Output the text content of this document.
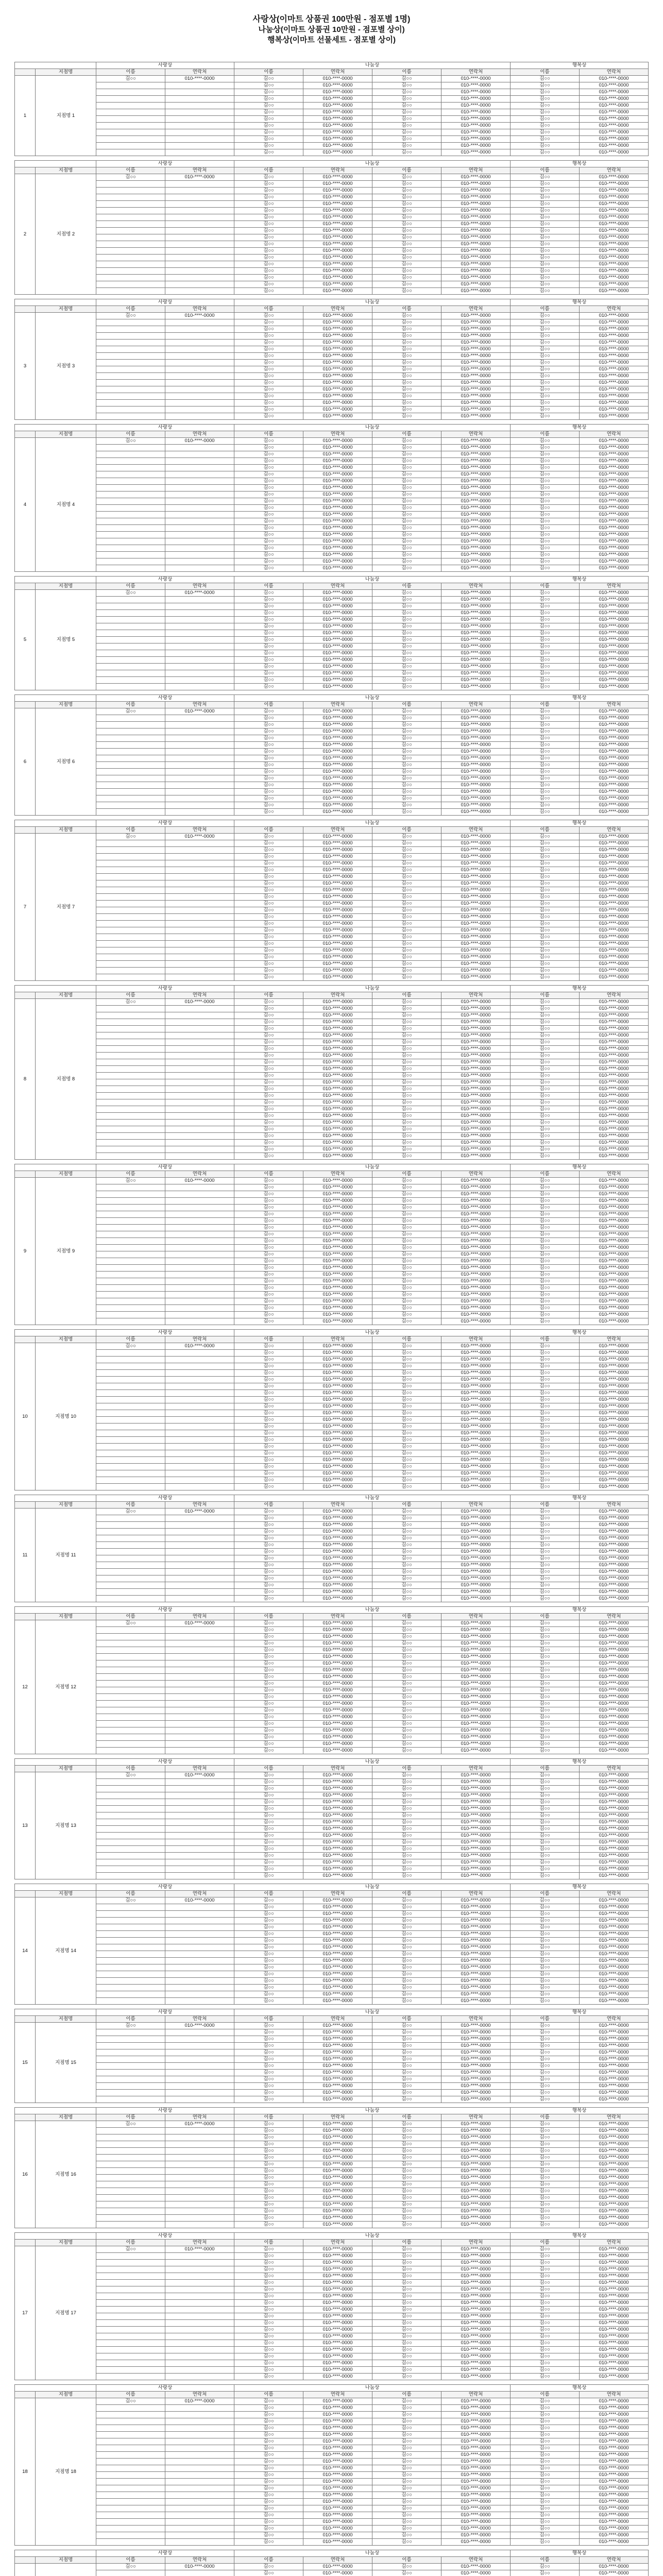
사랑상(이마트 상품권 100만원 - 점포별 1명)
나눔상(이마트 상품권 10만원 - 점포별 상이)
행복상(이마트 선물세트 - 점포별 상이)
		사랑상		나눔상				행복상	
	지점명	이름	연락처	이름	연락처	이름	연락처	이름	연락처
1	지점명 1	김○○	010-****-0000	김○○	010-****-0000	김○○	010-****-0000	김○○	010-****-0000
				김○○	010-****-0000	김○○	010-****-0000	김○○	010-****-0000
				김○○	010-****-0000	김○○	010-****-0000	김○○	010-****-0000
				김○○	010-****-0000	김○○	010-****-0000	김○○	010-****-0000
				김○○	010-****-0000	김○○	010-****-0000	김○○	010-****-0000
				김○○	010-****-0000	김○○	010-****-0000	김○○	010-****-0000
				김○○	010-****-0000	김○○	010-****-0000	김○○	010-****-0000
				김○○	010-****-0000	김○○	010-****-0000	김○○	010-****-0000
				김○○	010-****-0000	김○○	010-****-0000	김○○	010-****-0000
				김○○	010-****-0000	김○○	010-****-0000	김○○	010-****-0000
				김○○	010-****-0000	김○○	010-****-0000	김○○	010-****-0000
				김○○	010-****-0000	김○○	010-****-0000	김○○	010-****-0000
		사랑상		나눔상				행복상	
	지점명	이름	연락처	이름	연락처	이름	연락처	이름	연락처
2	지점명 2	김○○	010-****-0000	김○○	010-****-0000	김○○	010-****-0000	김○○	010-****-0000
				김○○	010-****-0000	김○○	010-****-0000	김○○	010-****-0000
				김○○	010-****-0000	김○○	010-****-0000	김○○	010-****-0000
				김○○	010-****-0000	김○○	010-****-0000	김○○	010-****-0000
				김○○	010-****-0000	김○○	010-****-0000	김○○	010-****-0000
				김○○	010-****-0000	김○○	010-****-0000	김○○	010-****-0000
				김○○	010-****-0000	김○○	010-****-0000	김○○	010-****-0000
				김○○	010-****-0000	김○○	010-****-0000	김○○	010-****-0000
				김○○	010-****-0000	김○○	010-****-0000	김○○	010-****-0000
				김○○	010-****-0000	김○○	010-****-0000	김○○	010-****-0000
				김○○	010-****-0000	김○○	010-****-0000	김○○	010-****-0000
				김○○	010-****-0000	김○○	010-****-0000	김○○	010-****-0000
				김○○	010-****-0000	김○○	010-****-0000	김○○	010-****-0000
				김○○	010-****-0000	김○○	010-****-0000	김○○	010-****-0000
				김○○	010-****-0000	김○○	010-****-0000	김○○	010-****-0000
				김○○	010-****-0000	김○○	010-****-0000	김○○	010-****-0000
				김○○	010-****-0000	김○○	010-****-0000	김○○	010-****-0000
				김○○	010-****-0000	김○○	010-****-0000	김○○	010-****-0000
		사랑상		나눔상				행복상	
	지점명	이름	연락처	이름	연락처	이름	연락처	이름	연락처
3	지점명 3	김○○	010-****-0000	김○○	010-****-0000	김○○	010-****-0000	김○○	010-****-0000
				김○○	010-****-0000	김○○	010-****-0000	김○○	010-****-0000
				김○○	010-****-0000	김○○	010-****-0000	김○○	010-****-0000
				김○○	010-****-0000	김○○	010-****-0000	김○○	010-****-0000
				김○○	010-****-0000	김○○	010-****-0000	김○○	010-****-0000
				김○○	010-****-0000	김○○	010-****-0000	김○○	010-****-0000
				김○○	010-****-0000	김○○	010-****-0000	김○○	010-****-0000
				김○○	010-****-0000	김○○	010-****-0000	김○○	010-****-0000
				김○○	010-****-0000	김○○	010-****-0000	김○○	010-****-0000
				김○○	010-****-0000	김○○	010-****-0000	김○○	010-****-0000
				김○○	010-****-0000	김○○	010-****-0000	김○○	010-****-0000
				김○○	010-****-0000	김○○	010-****-0000	김○○	010-****-0000
				김○○	010-****-0000	김○○	010-****-0000	김○○	010-****-0000
				김○○	010-****-0000	김○○	010-****-0000	김○○	010-****-0000
				김○○	010-****-0000	김○○	010-****-0000	김○○	010-****-0000
				김○○	010-****-0000	김○○	010-****-0000	김○○	010-****-0000
		사랑상		나눔상				행복상	
	지점명	이름	연락처	이름	연락처	이름	연락처	이름	연락처
4	지점명 4	김○○	010-****-0000	김○○	010-****-0000	김○○	010-****-0000	김○○	010-****-0000
				김○○	010-****-0000	김○○	010-****-0000	김○○	010-****-0000
				김○○	010-****-0000	김○○	010-****-0000	김○○	010-****-0000
				김○○	010-****-0000	김○○	010-****-0000	김○○	010-****-0000
				김○○	010-****-0000	김○○	010-****-0000	김○○	010-****-0000
				김○○	010-****-0000	김○○	010-****-0000	김○○	010-****-0000
				김○○	010-****-0000	김○○	010-****-0000	김○○	010-****-0000
				김○○	010-****-0000	김○○	010-****-0000	김○○	010-****-0000
				김○○	010-****-0000	김○○	010-****-0000	김○○	010-****-0000
				김○○	010-****-0000	김○○	010-****-0000	김○○	010-****-0000
				김○○	010-****-0000	김○○	010-****-0000	김○○	010-****-0000
				김○○	010-****-0000	김○○	010-****-0000	김○○	010-****-0000
				김○○	010-****-0000	김○○	010-****-0000	김○○	010-****-0000
				김○○	010-****-0000	김○○	010-****-0000	김○○	010-****-0000
				김○○	010-****-0000	김○○	010-****-0000	김○○	010-****-0000
				김○○	010-****-0000	김○○	010-****-0000	김○○	010-****-0000
				김○○	010-****-0000	김○○	010-****-0000	김○○	010-****-0000
				김○○	010-****-0000	김○○	010-****-0000	김○○	010-****-0000
				김○○	010-****-0000	김○○	010-****-0000	김○○	010-****-0000
				김○○	010-****-0000	김○○	010-****-0000	김○○	010-****-0000
		사랑상		나눔상				행복상	
	지점명	이름	연락처	이름	연락처	이름	연락처	이름	연락처
5	지점명 5	김○○	010-****-0000	김○○	010-****-0000	김○○	010-****-0000	김○○	010-****-0000
				김○○	010-****-0000	김○○	010-****-0000	김○○	010-****-0000
				김○○	010-****-0000	김○○	010-****-0000	김○○	010-****-0000
				김○○	010-****-0000	김○○	010-****-0000	김○○	010-****-0000
				김○○	010-****-0000	김○○	010-****-0000	김○○	010-****-0000
				김○○	010-****-0000	김○○	010-****-0000	김○○	010-****-0000
				김○○	010-****-0000	김○○	010-****-0000	김○○	010-****-0000
				김○○	010-****-0000	김○○	010-****-0000	김○○	010-****-0000
				김○○	010-****-0000	김○○	010-****-0000	김○○	010-****-0000
				김○○	010-****-0000	김○○	010-****-0000	김○○	010-****-0000
				김○○	010-****-0000	김○○	010-****-0000	김○○	010-****-0000
				김○○	010-****-0000	김○○	010-****-0000	김○○	010-****-0000
				김○○	010-****-0000	김○○	010-****-0000	김○○	010-****-0000
				김○○	010-****-0000	김○○	010-****-0000	김○○	010-****-0000
				김○○	010-****-0000	김○○	010-****-0000	김○○	010-****-0000
		사랑상		나눔상				행복상	
	지점명	이름	연락처	이름	연락처	이름	연락처	이름	연락처
6	지점명 6	김○○	010-****-0000	김○○	010-****-0000	김○○	010-****-0000	김○○	010-****-0000
				김○○	010-****-0000	김○○	010-****-0000	김○○	010-****-0000
				김○○	010-****-0000	김○○	010-****-0000	김○○	010-****-0000
				김○○	010-****-0000	김○○	010-****-0000	김○○	010-****-0000
				김○○	010-****-0000	김○○	010-****-0000	김○○	010-****-0000
				김○○	010-****-0000	김○○	010-****-0000	김○○	010-****-0000
				김○○	010-****-0000	김○○	010-****-0000	김○○	010-****-0000
				김○○	010-****-0000	김○○	010-****-0000	김○○	010-****-0000
				김○○	010-****-0000	김○○	010-****-0000	김○○	010-****-0000
				김○○	010-****-0000	김○○	010-****-0000	김○○	010-****-0000
				김○○	010-****-0000	김○○	010-****-0000	김○○	010-****-0000
				김○○	010-****-0000	김○○	010-****-0000	김○○	010-****-0000
				김○○	010-****-0000	김○○	010-****-0000	김○○	010-****-0000
				김○○	010-****-0000	김○○	010-****-0000	김○○	010-****-0000
				김○○	010-****-0000	김○○	010-****-0000	김○○	010-****-0000
				김○○	010-****-0000	김○○	010-****-0000	김○○	010-****-0000
		사랑상		나눔상				행복상	
	지점명	이름	연락처	이름	연락처	이름	연락처	이름	연락처
7	지점명 7	김○○	010-****-0000	김○○	010-****-0000	김○○	010-****-0000	김○○	010-****-0000
				김○○	010-****-0000	김○○	010-****-0000	김○○	010-****-0000
				김○○	010-****-0000	김○○	010-****-0000	김○○	010-****-0000
				김○○	010-****-0000	김○○	010-****-0000	김○○	010-****-0000
				김○○	010-****-0000	김○○	010-****-0000	김○○	010-****-0000
				김○○	010-****-0000	김○○	010-****-0000	김○○	010-****-0000
				김○○	010-****-0000	김○○	010-****-0000	김○○	010-****-0000
				김○○	010-****-0000	김○○	010-****-0000	김○○	010-****-0000
				김○○	010-****-0000	김○○	010-****-0000	김○○	010-****-0000
				김○○	010-****-0000	김○○	010-****-0000	김○○	010-****-0000
				김○○	010-****-0000	김○○	010-****-0000	김○○	010-****-0000
				김○○	010-****-0000	김○○	010-****-0000	김○○	010-****-0000
				김○○	010-****-0000	김○○	010-****-0000	김○○	010-****-0000
				김○○	010-****-0000	김○○	010-****-0000	김○○	010-****-0000
				김○○	010-****-0000	김○○	010-****-0000	김○○	010-****-0000
				김○○	010-****-0000	김○○	010-****-0000	김○○	010-****-0000
				김○○	010-****-0000	김○○	010-****-0000	김○○	010-****-0000
				김○○	010-****-0000	김○○	010-****-0000	김○○	010-****-0000
				김○○	010-****-0000	김○○	010-****-0000	김○○	010-****-0000
				김○○	010-****-0000	김○○	010-****-0000	김○○	010-****-0000
				김○○	010-****-0000	김○○	010-****-0000	김○○	010-****-0000
				김○○	010-****-0000	김○○	010-****-0000	김○○	010-****-0000
		사랑상		나눔상				행복상	
	지점명	이름	연락처	이름	연락처	이름	연락처	이름	연락처
8	지점명 8	김○○	010-****-0000	김○○	010-****-0000	김○○	010-****-0000	김○○	010-****-0000
				김○○	010-****-0000	김○○	010-****-0000	김○○	010-****-0000
				김○○	010-****-0000	김○○	010-****-0000	김○○	010-****-0000
				김○○	010-****-0000	김○○	010-****-0000	김○○	010-****-0000
				김○○	010-****-0000	김○○	010-****-0000	김○○	010-****-0000
				김○○	010-****-0000	김○○	010-****-0000	김○○	010-****-0000
				김○○	010-****-0000	김○○	010-****-0000	김○○	010-****-0000
				김○○	010-****-0000	김○○	010-****-0000	김○○	010-****-0000
				김○○	010-****-0000	김○○	010-****-0000	김○○	010-****-0000
				김○○	010-****-0000	김○○	010-****-0000	김○○	010-****-0000
				김○○	010-****-0000	김○○	010-****-0000	김○○	010-****-0000
				김○○	010-****-0000	김○○	010-****-0000	김○○	010-****-0000
				김○○	010-****-0000	김○○	010-****-0000	김○○	010-****-0000
				김○○	010-****-0000	김○○	010-****-0000	김○○	010-****-0000
				김○○	010-****-0000	김○○	010-****-0000	김○○	010-****-0000
				김○○	010-****-0000	김○○	010-****-0000	김○○	010-****-0000
				김○○	010-****-0000	김○○	010-****-0000	김○○	010-****-0000
				김○○	010-****-0000	김○○	010-****-0000	김○○	010-****-0000
				김○○	010-****-0000	김○○	010-****-0000	김○○	010-****-0000
				김○○	010-****-0000	김○○	010-****-0000	김○○	010-****-0000
				김○○	010-****-0000	김○○	010-****-0000	김○○	010-****-0000
				김○○	010-****-0000	김○○	010-****-0000	김○○	010-****-0000
				김○○	010-****-0000	김○○	010-****-0000	김○○	010-****-0000
				김○○	010-****-0000	김○○	010-****-0000	김○○	010-****-0000
		사랑상		나눔상				행복상	
	지점명	이름	연락처	이름	연락처	이름	연락처	이름	연락처
9	지점명 9	김○○	010-****-0000	김○○	010-****-0000	김○○	010-****-0000	김○○	010-****-0000
				김○○	010-****-0000	김○○	010-****-0000	김○○	010-****-0000
				김○○	010-****-0000	김○○	010-****-0000	김○○	010-****-0000
				김○○	010-****-0000	김○○	010-****-0000	김○○	010-****-0000
				김○○	010-****-0000	김○○	010-****-0000	김○○	010-****-0000
				김○○	010-****-0000	김○○	010-****-0000	김○○	010-****-0000
				김○○	010-****-0000	김○○	010-****-0000	김○○	010-****-0000
				김○○	010-****-0000	김○○	010-****-0000	김○○	010-****-0000
				김○○	010-****-0000	김○○	010-****-0000	김○○	010-****-0000
				김○○	010-****-0000	김○○	010-****-0000	김○○	010-****-0000
				김○○	010-****-0000	김○○	010-****-0000	김○○	010-****-0000
				김○○	010-****-0000	김○○	010-****-0000	김○○	010-****-0000
				김○○	010-****-0000	김○○	010-****-0000	김○○	010-****-0000
				김○○	010-****-0000	김○○	010-****-0000	김○○	010-****-0000
				김○○	010-****-0000	김○○	010-****-0000	김○○	010-****-0000
				김○○	010-****-0000	김○○	010-****-0000	김○○	010-****-0000
				김○○	010-****-0000	김○○	010-****-0000	김○○	010-****-0000
				김○○	010-****-0000	김○○	010-****-0000	김○○	010-****-0000
				김○○	010-****-0000	김○○	010-****-0000	김○○	010-****-0000
				김○○	010-****-0000	김○○	010-****-0000	김○○	010-****-0000
				김○○	010-****-0000	김○○	010-****-0000	김○○	010-****-0000
				김○○	010-****-0000	김○○	010-****-0000	김○○	010-****-0000
		사랑상		나눔상				행복상	
	지점명	이름	연락처	이름	연락처	이름	연락처	이름	연락처
10	지점명 10	김○○	010-****-0000	김○○	010-****-0000	김○○	010-****-0000	김○○	010-****-0000
				김○○	010-****-0000	김○○	010-****-0000	김○○	010-****-0000
				김○○	010-****-0000	김○○	010-****-0000	김○○	010-****-0000
				김○○	010-****-0000	김○○	010-****-0000	김○○	010-****-0000
				김○○	010-****-0000	김○○	010-****-0000	김○○	010-****-0000
				김○○	010-****-0000	김○○	010-****-0000	김○○	010-****-0000
				김○○	010-****-0000	김○○	010-****-0000	김○○	010-****-0000
				김○○	010-****-0000	김○○	010-****-0000	김○○	010-****-0000
				김○○	010-****-0000	김○○	010-****-0000	김○○	010-****-0000
				김○○	010-****-0000	김○○	010-****-0000	김○○	010-****-0000
				김○○	010-****-0000	김○○	010-****-0000	김○○	010-****-0000
				김○○	010-****-0000	김○○	010-****-0000	김○○	010-****-0000
				김○○	010-****-0000	김○○	010-****-0000	김○○	010-****-0000
				김○○	010-****-0000	김○○	010-****-0000	김○○	010-****-0000
				김○○	010-****-0000	김○○	010-****-0000	김○○	010-****-0000
				김○○	010-****-0000	김○○	010-****-0000	김○○	010-****-0000
				김○○	010-****-0000	김○○	010-****-0000	김○○	010-****-0000
				김○○	010-****-0000	김○○	010-****-0000	김○○	010-****-0000
				김○○	010-****-0000	김○○	010-****-0000	김○○	010-****-0000
				김○○	010-****-0000	김○○	010-****-0000	김○○	010-****-0000
				김○○	010-****-0000	김○○	010-****-0000	김○○	010-****-0000
				김○○	010-****-0000	김○○	010-****-0000	김○○	010-****-0000
		사랑상		나눔상				행복상	
	지점명	이름	연락처	이름	연락처	이름	연락처	이름	연락처
11	지점명 11	김○○	010-****-0000	김○○	010-****-0000	김○○	010-****-0000	김○○	010-****-0000
				김○○	010-****-0000	김○○	010-****-0000	김○○	010-****-0000
				김○○	010-****-0000	김○○	010-****-0000	김○○	010-****-0000
				김○○	010-****-0000	김○○	010-****-0000	김○○	010-****-0000
				김○○	010-****-0000	김○○	010-****-0000	김○○	010-****-0000
				김○○	010-****-0000	김○○	010-****-0000	김○○	010-****-0000
				김○○	010-****-0000	김○○	010-****-0000	김○○	010-****-0000
				김○○	010-****-0000	김○○	010-****-0000	김○○	010-****-0000
				김○○	010-****-0000	김○○	010-****-0000	김○○	010-****-0000
				김○○	010-****-0000	김○○	010-****-0000	김○○	010-****-0000
				김○○	010-****-0000	김○○	010-****-0000	김○○	010-****-0000
				김○○	010-****-0000	김○○	010-****-0000	김○○	010-****-0000
				김○○	010-****-0000	김○○	010-****-0000	김○○	010-****-0000
				김○○	010-****-0000	김○○	010-****-0000	김○○	010-****-0000
		사랑상		나눔상				행복상	
	지점명	이름	연락처	이름	연락처	이름	연락처	이름	연락처
12	지점명 12	김○○	010-****-0000	김○○	010-****-0000	김○○	010-****-0000	김○○	010-****-0000
				김○○	010-****-0000	김○○	010-****-0000	김○○	010-****-0000
				김○○	010-****-0000	김○○	010-****-0000	김○○	010-****-0000
				김○○	010-****-0000	김○○	010-****-0000	김○○	010-****-0000
				김○○	010-****-0000	김○○	010-****-0000	김○○	010-****-0000
				김○○	010-****-0000	김○○	010-****-0000	김○○	010-****-0000
				김○○	010-****-0000	김○○	010-****-0000	김○○	010-****-0000
				김○○	010-****-0000	김○○	010-****-0000	김○○	010-****-0000
				김○○	010-****-0000	김○○	010-****-0000	김○○	010-****-0000
				김○○	010-****-0000	김○○	010-****-0000	김○○	010-****-0000
				김○○	010-****-0000	김○○	010-****-0000	김○○	010-****-0000
				김○○	010-****-0000	김○○	010-****-0000	김○○	010-****-0000
				김○○	010-****-0000	김○○	010-****-0000	김○○	010-****-0000
				김○○	010-****-0000	김○○	010-****-0000	김○○	010-****-0000
				김○○	010-****-0000	김○○	010-****-0000	김○○	010-****-0000
				김○○	010-****-0000	김○○	010-****-0000	김○○	010-****-0000
				김○○	010-****-0000	김○○	010-****-0000	김○○	010-****-0000
				김○○	010-****-0000	김○○	010-****-0000	김○○	010-****-0000
				김○○	010-****-0000	김○○	010-****-0000	김○○	010-****-0000
				김○○	010-****-0000	김○○	010-****-0000	김○○	010-****-0000
		사랑상		나눔상				행복상	
	지점명	이름	연락처	이름	연락처	이름	연락처	이름	연락처
13	지점명 13	김○○	010-****-0000	김○○	010-****-0000	김○○	010-****-0000	김○○	010-****-0000
				김○○	010-****-0000	김○○	010-****-0000	김○○	010-****-0000
				김○○	010-****-0000	김○○	010-****-0000	김○○	010-****-0000
				김○○	010-****-0000	김○○	010-****-0000	김○○	010-****-0000
				김○○	010-****-0000	김○○	010-****-0000	김○○	010-****-0000
				김○○	010-****-0000	김○○	010-****-0000	김○○	010-****-0000
				김○○	010-****-0000	김○○	010-****-0000	김○○	010-****-0000
				김○○	010-****-0000	김○○	010-****-0000	김○○	010-****-0000
				김○○	010-****-0000	김○○	010-****-0000	김○○	010-****-0000
				김○○	010-****-0000	김○○	010-****-0000	김○○	010-****-0000
				김○○	010-****-0000	김○○	010-****-0000	김○○	010-****-0000
				김○○	010-****-0000	김○○	010-****-0000	김○○	010-****-0000
				김○○	010-****-0000	김○○	010-****-0000	김○○	010-****-0000
				김○○	010-****-0000	김○○	010-****-0000	김○○	010-****-0000
				김○○	010-****-0000	김○○	010-****-0000	김○○	010-****-0000
				김○○	010-****-0000	김○○	010-****-0000	김○○	010-****-0000
		사랑상		나눔상				행복상	
	지점명	이름	연락처	이름	연락처	이름	연락처	이름	연락처
14	지점명 14	김○○	010-****-0000	김○○	010-****-0000	김○○	010-****-0000	김○○	010-****-0000
				김○○	010-****-0000	김○○	010-****-0000	김○○	010-****-0000
				김○○	010-****-0000	김○○	010-****-0000	김○○	010-****-0000
				김○○	010-****-0000	김○○	010-****-0000	김○○	010-****-0000
				김○○	010-****-0000	김○○	010-****-0000	김○○	010-****-0000
				김○○	010-****-0000	김○○	010-****-0000	김○○	010-****-0000
				김○○	010-****-0000	김○○	010-****-0000	김○○	010-****-0000
				김○○	010-****-0000	김○○	010-****-0000	김○○	010-****-0000
				김○○	010-****-0000	김○○	010-****-0000	김○○	010-****-0000
				김○○	010-****-0000	김○○	010-****-0000	김○○	010-****-0000
				김○○	010-****-0000	김○○	010-****-0000	김○○	010-****-0000
				김○○	010-****-0000	김○○	010-****-0000	김○○	010-****-0000
				김○○	010-****-0000	김○○	010-****-0000	김○○	010-****-0000
				김○○	010-****-0000	김○○	010-****-0000	김○○	010-****-0000
				김○○	010-****-0000	김○○	010-****-0000	김○○	010-****-0000
				김○○	010-****-0000	김○○	010-****-0000	김○○	010-****-0000
		사랑상		나눔상				행복상	
	지점명	이름	연락처	이름	연락처	이름	연락처	이름	연락처
15	지점명 15	김○○	010-****-0000	김○○	010-****-0000	김○○	010-****-0000	김○○	010-****-0000
				김○○	010-****-0000	김○○	010-****-0000	김○○	010-****-0000
				김○○	010-****-0000	김○○	010-****-0000	김○○	010-****-0000
				김○○	010-****-0000	김○○	010-****-0000	김○○	010-****-0000
				김○○	010-****-0000	김○○	010-****-0000	김○○	010-****-0000
				김○○	010-****-0000	김○○	010-****-0000	김○○	010-****-0000
				김○○	010-****-0000	김○○	010-****-0000	김○○	010-****-0000
				김○○	010-****-0000	김○○	010-****-0000	김○○	010-****-0000
				김○○	010-****-0000	김○○	010-****-0000	김○○	010-****-0000
				김○○	010-****-0000	김○○	010-****-0000	김○○	010-****-0000
				김○○	010-****-0000	김○○	010-****-0000	김○○	010-****-0000
				김○○	010-****-0000	김○○	010-****-0000	김○○	010-****-0000
		사랑상		나눔상				행복상	
	지점명	이름	연락처	이름	연락처	이름	연락처	이름	연락처
16	지점명 16	김○○	010-****-0000	김○○	010-****-0000	김○○	010-****-0000	김○○	010-****-0000
				김○○	010-****-0000	김○○	010-****-0000	김○○	010-****-0000
				김○○	010-****-0000	김○○	010-****-0000	김○○	010-****-0000
				김○○	010-****-0000	김○○	010-****-0000	김○○	010-****-0000
				김○○	010-****-0000	김○○	010-****-0000	김○○	010-****-0000
				김○○	010-****-0000	김○○	010-****-0000	김○○	010-****-0000
				김○○	010-****-0000	김○○	010-****-0000	김○○	010-****-0000
				김○○	010-****-0000	김○○	010-****-0000	김○○	010-****-0000
				김○○	010-****-0000	김○○	010-****-0000	김○○	010-****-0000
				김○○	010-****-0000	김○○	010-****-0000	김○○	010-****-0000
				김○○	010-****-0000	김○○	010-****-0000	김○○	010-****-0000
				김○○	010-****-0000	김○○	010-****-0000	김○○	010-****-0000
				김○○	010-****-0000	김○○	010-****-0000	김○○	010-****-0000
				김○○	010-****-0000	김○○	010-****-0000	김○○	010-****-0000
				김○○	010-****-0000	김○○	010-****-0000	김○○	010-****-0000
				김○○	010-****-0000	김○○	010-****-0000	김○○	010-****-0000
		사랑상		나눔상				행복상	
	지점명	이름	연락처	이름	연락처	이름	연락처	이름	연락처
17	지점명 17	김○○	010-****-0000	김○○	010-****-0000	김○○	010-****-0000	김○○	010-****-0000
				김○○	010-****-0000	김○○	010-****-0000	김○○	010-****-0000
				김○○	010-****-0000	김○○	010-****-0000	김○○	010-****-0000
				김○○	010-****-0000	김○○	010-****-0000	김○○	010-****-0000
				김○○	010-****-0000	김○○	010-****-0000	김○○	010-****-0000
				김○○	010-****-0000	김○○	010-****-0000	김○○	010-****-0000
				김○○	010-****-0000	김○○	010-****-0000	김○○	010-****-0000
				김○○	010-****-0000	김○○	010-****-0000	김○○	010-****-0000
				김○○	010-****-0000	김○○	010-****-0000	김○○	010-****-0000
				김○○	010-****-0000	김○○	010-****-0000	김○○	010-****-0000
				김○○	010-****-0000	김○○	010-****-0000	김○○	010-****-0000
				김○○	010-****-0000	김○○	010-****-0000	김○○	010-****-0000
				김○○	010-****-0000	김○○	010-****-0000	김○○	010-****-0000
				김○○	010-****-0000	김○○	010-****-0000	김○○	010-****-0000
				김○○	010-****-0000	김○○	010-****-0000	김○○	010-****-0000
				김○○	010-****-0000	김○○	010-****-0000	김○○	010-****-0000
				김○○	010-****-0000	김○○	010-****-0000	김○○	010-****-0000
				김○○	010-****-0000	김○○	010-****-0000	김○○	010-****-0000
				김○○	010-****-0000	김○○	010-****-0000	김○○	010-****-0000
				김○○	010-****-0000	김○○	010-****-0000	김○○	010-****-0000
		사랑상		나눔상				행복상	
	지점명	이름	연락처	이름	연락처	이름	연락처	이름	연락처
18	지점명 18	김○○	010-****-0000	김○○	010-****-0000	김○○	010-****-0000	김○○	010-****-0000
				김○○	010-****-0000	김○○	010-****-0000	김○○	010-****-0000
				김○○	010-****-0000	김○○	010-****-0000	김○○	010-****-0000
				김○○	010-****-0000	김○○	010-****-0000	김○○	010-****-0000
				김○○	010-****-0000	김○○	010-****-0000	김○○	010-****-0000
				김○○	010-****-0000	김○○	010-****-0000	김○○	010-****-0000
				김○○	010-****-0000	김○○	010-****-0000	김○○	010-****-0000
				김○○	010-****-0000	김○○	010-****-0000	김○○	010-****-0000
				김○○	010-****-0000	김○○	010-****-0000	김○○	010-****-0000
				김○○	010-****-0000	김○○	010-****-0000	김○○	010-****-0000
				김○○	010-****-0000	김○○	010-****-0000	김○○	010-****-0000
				김○○	010-****-0000	김○○	010-****-0000	김○○	010-****-0000
				김○○	010-****-0000	김○○	010-****-0000	김○○	010-****-0000
				김○○	010-****-0000	김○○	010-****-0000	김○○	010-****-0000
				김○○	010-****-0000	김○○	010-****-0000	김○○	010-****-0000
				김○○	010-****-0000	김○○	010-****-0000	김○○	010-****-0000
				김○○	010-****-0000	김○○	010-****-0000	김○○	010-****-0000
				김○○	010-****-0000	김○○	010-****-0000	김○○	010-****-0000
				김○○	010-****-0000	김○○	010-****-0000	김○○	010-****-0000
				김○○	010-****-0000	김○○	010-****-0000	김○○	010-****-0000
				김○○	010-****-0000	김○○	010-****-0000	김○○	010-****-0000
				김○○	010-****-0000	김○○	010-****-0000	김○○	010-****-0000
		사랑상		나눔상				행복상	
	지점명	이름	연락처	이름	연락처	이름	연락처	이름	연락처
		김○○	010-****-0000	김○○	010-****-0000	김○○	010-****-0000	김○○	010-****-0000
				김○○	010-****-0000	김○○	010-****-0000	김○○	010-****-0000
